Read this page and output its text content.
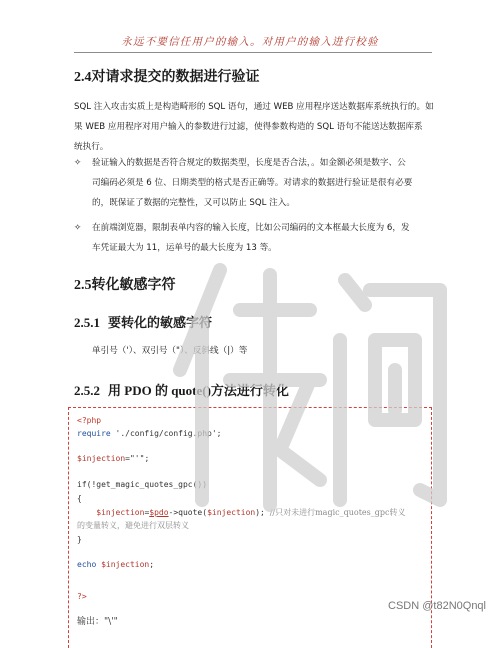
永远不要信任用户的输入。对用户的输入进行校验
2.4对请求提交的数据进行验证
SQL 注入攻击实质上是构造畸形的 SQL 语句，通过 WEB 应用程序送达数据库系统执行的。如
果 WEB 应用程序对用户输入的参数进行过滤，使得参数构造的 SQL 语句不能送达数据库系
统执行。
✧ 验证输入的数据是否符合规定的数据类型，长度是否合法，。如金额必须是数字、公
司编码必须是 6 位、日期类型的格式是否正确等。对请求的数据进行验证是很有必要
的，既保证了数据的完整性，又可以防止 SQL 注入。
✧ 在前端浏览器，限制表单内容的输入长度，比如公司编码的文本框最大长度为 6，发
车凭证最大为 11，运单号的最大长度为 13 等。
2.5转化敏感字符
2.5.1 要转化的敏感字符
单引号（'）、双引号（"）、反斜线（|）等
2.5.2 用 PDO 的 quote()方法进行转化
<?php
require './config/config.php';
$injection="'";
if(!get_magic_quotes_gpc())
{
$injection=$pdo->quote($injection); //只对未进行magic_quotes_gpc转义
的变量转义，避免进行双层转义
}
echo $injection;
?>
输出："\'"
CSDN @t82N0Qnql
